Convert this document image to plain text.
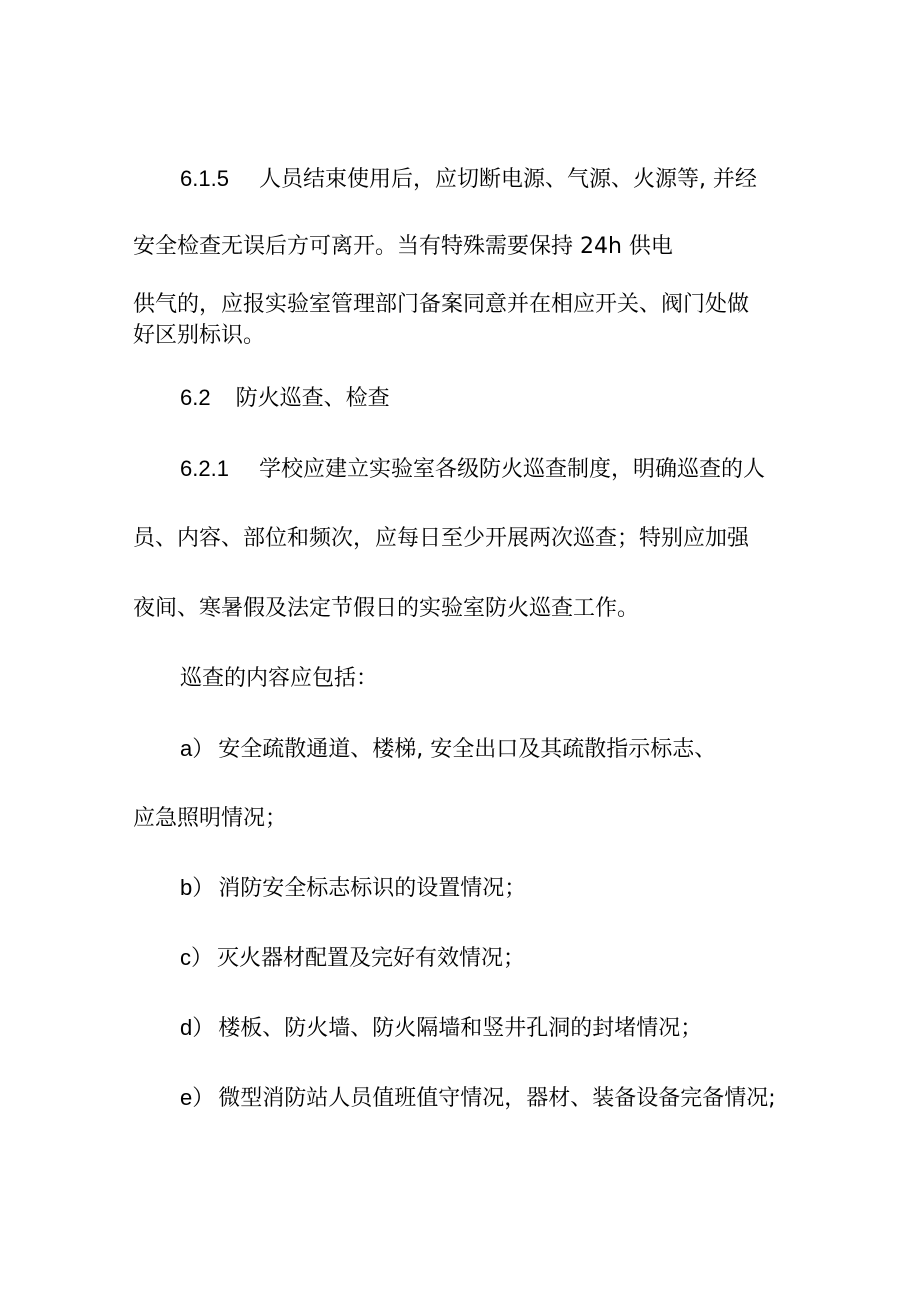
6.1.5 人员结束使用后，应切断电源、气源、火源等, 并经
安全检查无误后方可离开。当有特殊需要保持 24h 供电
供气的，应报实验室管理部门备案同意并在相应开关、阀门处做
好区别标识。
6.2 防火巡查、检查
6.2.1 学校应建立实验室各级防火巡查制度，明确巡查的人
员、内容、部位和频次，应每日至少开展两次巡查；特别应加强
夜间、寒暑假及法定节假日的实验室防火巡查工作。
巡查的内容应包括：
a） 安全疏散通道、楼梯, 安全出口及其疏散指示标志、
应急照明情况；
b） 消防安全标志标识的设置情况；
c） 灭火器材配置及完好有效情况；
d） 楼板、防火墙、防火隔墙和竖井孔洞的封堵情况；
e） 微型消防站人员值班值守情况，器材、装备设备完备情况;
